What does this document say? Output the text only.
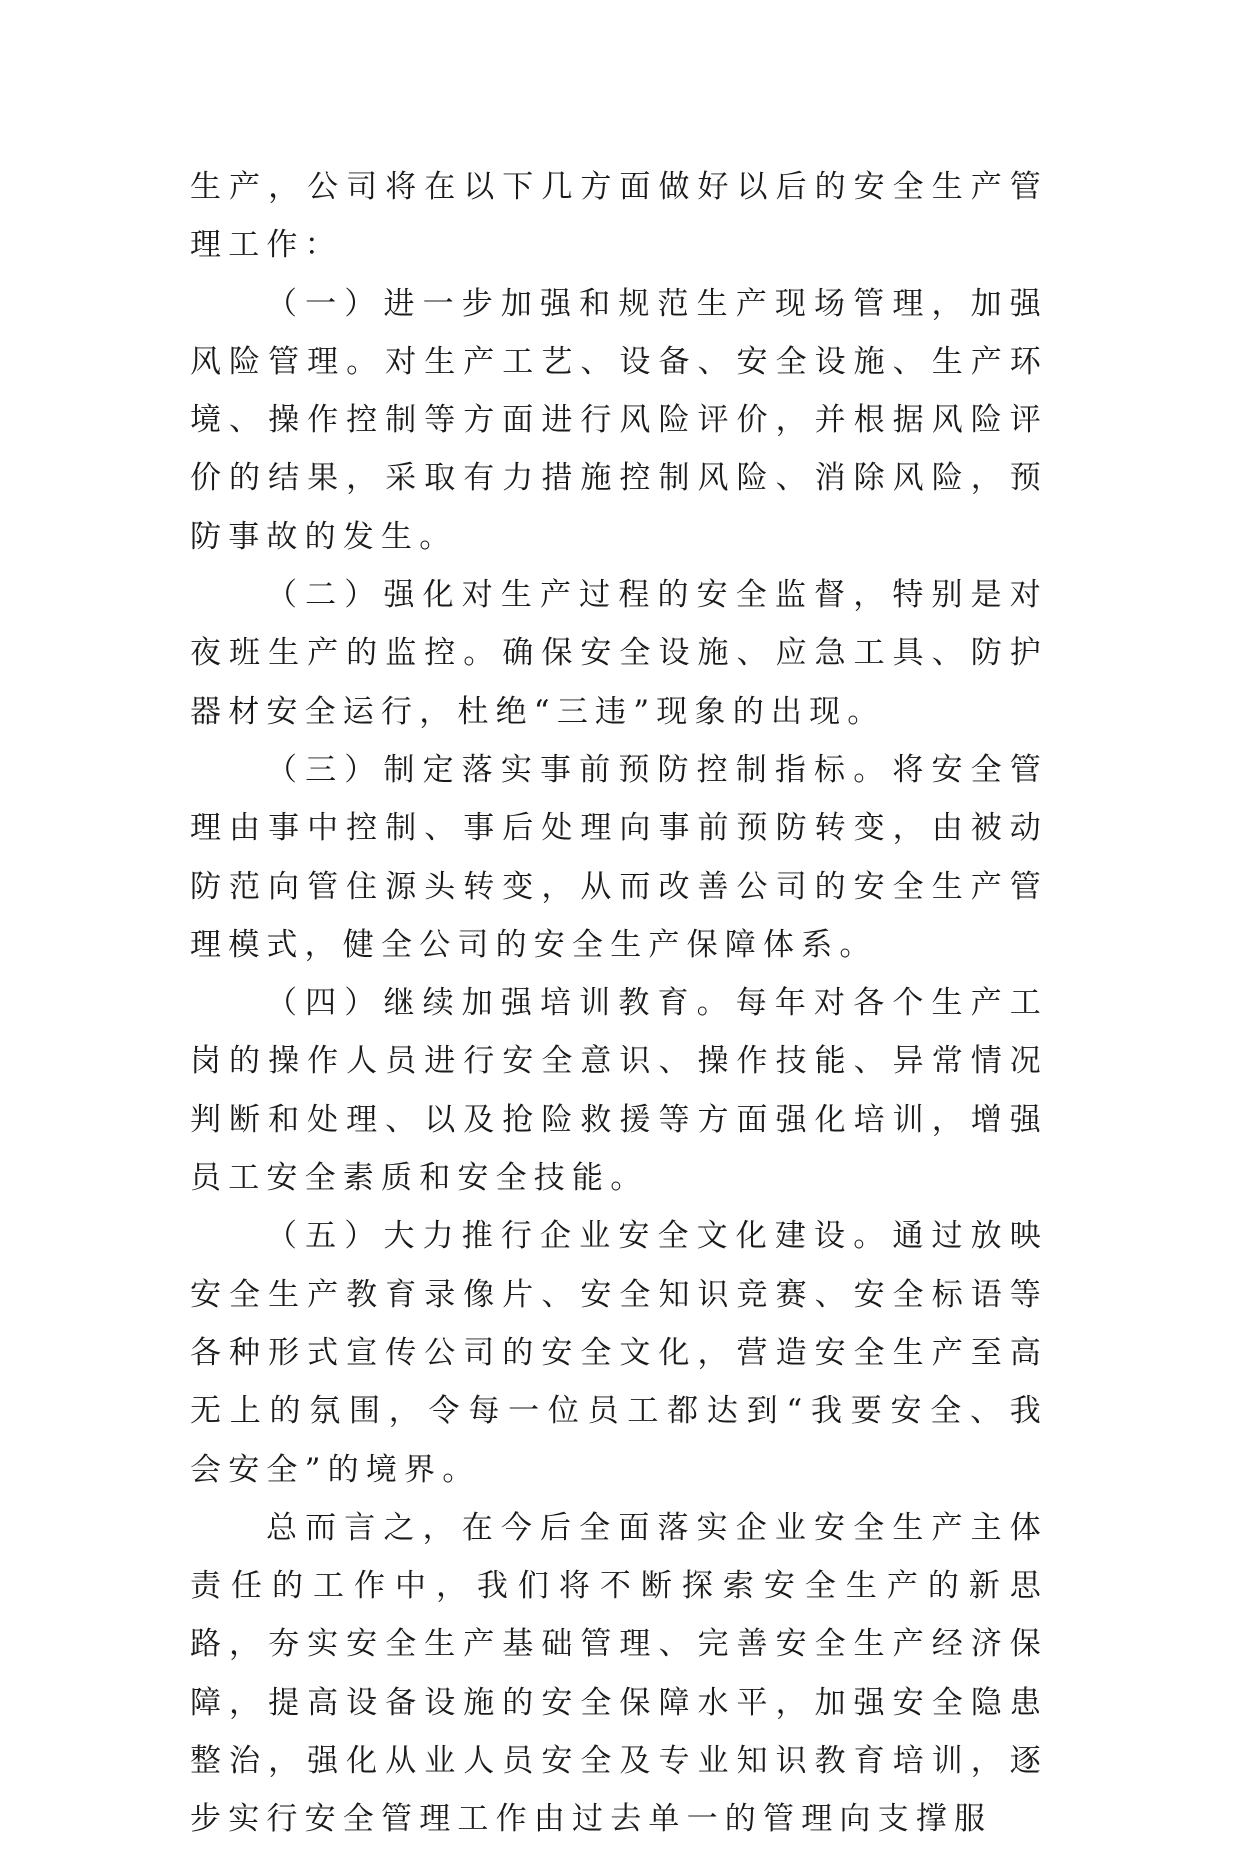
生产，公司将在以下几方面做好以后的安全生产管理工作：

（一）进一步加强和规范生产现场管理，加强风险管理。对生产工艺、设备、安全设施、生产环境、操作控制等方面进行风险评价，并根据风险评价的结果，采取有力措施控制风险、消除风险，预防事故的发生。

（二）强化对生产过程的安全监督，特别是对夜班生产的监控。确保安全设施、应急工具、防护器材安全运行，杜绝“三违”现象的出现。

（三）制定落实事前预防控制指标。将安全管理由事中控制、事后处理向事前预防转变，由被动防范向管住源头转变，从而改善公司的安全生产管理模式，健全公司的安全生产保障体系。

（四）继续加强培训教育。每年对各个生产工岗的操作人员进行安全意识、操作技能、异常情况判断和处理、以及抢险救援等方面强化培训，增强员工安全素质和安全技能。

（五）大力推行企业安全文化建设。通过放映安全生产教育录像片、安全知识竞赛、安全标语等各种形式宣传公司的安全文化，营造安全生产至高无上的氛围，令每一位员工都达到“我要安全、我会安全”的境界。

总而言之，在今后全面落实企业安全生产主体责任的工作中，我们将不断探索安全生产的新思路，夯实安全生产基础管理、完善安全生产经济保障，提高设备设施的安全保障水平，加强安全隐患整治，强化从业人员安全及专业知识教育培训，逐步实行安全管理工作由过去单一的管理向支撑服
